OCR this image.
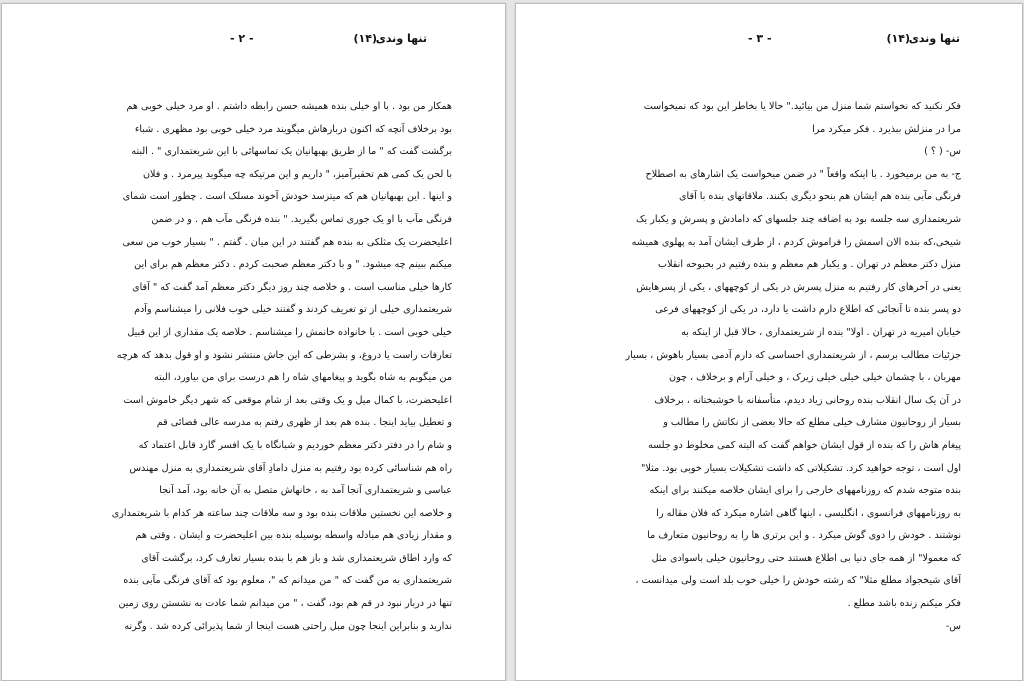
تنها وندی
(۱۴)
- ۲ -
همکار من بود . با او خیلی بنده همیشه حسن رابطه داشتم . او مرد خیلی خوبی هم
بود برخلاف آنچه که اکنون دربارهاش میگویند مرد خیلی خوبی بود مظهری . شباء
برگشت گفت که " ما از طریق بهبهانیان یک تماسهائی با این شریعتمداری " . البته
با لحن یک کمی هم تحقیرآمیز، " داریم و این مرتیکه چه میگوید پیرمرد . و فلان
و اینها . این بهبهانیان هم که میترسد خودش آخوند مسلک است . چطور است شمای
فرنگی مآب با او یک جوری تماس بگیرید. " بنده فرنگی مآب هم . و در ضمن
اعلیحضرت یک مثلکی به بنده هم گفتند در این میان . گفتم . " بسیار خوب من سعی
میکنم ببینم چه میشود. " و با دکتر معظم صحبت کردم . دکتر معظم هم برای این
کارها خیلی مناسب است . و خلاصه چند روز دیگر دکتر معظم آمد گفت که " آقای
شریعتمداری خیلی از تو تعریف کردند و گفتند خیلی خوب فلانی را میشناسم وآدم
خیلی خوبی است . با خانواده خانمش را میشناسم . خلاصه یک مقداری از این قبیل
تعارفات راست یا دروغ، و بشرطی که این جاش منتشر نشود و او قول بدهد که هرچه
من میگویم به شاه بگوید و پیغامهای شاه را هم درست برای من بیاورد، البته
اعلیحضرت، با کمال میل و یک وقتی بعد از شام موقعی که شهر دیگر خاموش است
و تعطیل بیاید اینجا . بنده هم بعد از ظهری رفتم به مدرسه عالی قضائی قم
و شام را در دفتر دکتر معظم خوردیم و شبانگاه با یک افسر گارد قابل اعتماد که
راه هم شناسائی کرده بود رفتیم به منزل دامادِ آقای شریعتمداری به منزل مهندس
عباسی و شریعتمداری آنجا آمد به ، خانهاش متصل به آن خانه بود، آمد آنجا
و خلاصه این نخستین ملاقات بنده بود و سه ملاقات چند ساعته هر کدام با شریعتمداری
و مقدار زیادی هم مبادله واسطه بوسیله بنده بین اعلیحضرت و ایشان . وقتی هم
که وارد اطاق شریعتمداری شد و باز هم با بنده بسیار تعارف کرد، برگشت آقای
شریعتمداری به من گفت که " من میدانم که "، معلوم بود که آقای فرنگی مآبی بنده
تنها در دربار نبود در قم هم بود، گفت ، " من میدانم شما عادت به نشستن روی زمین
ندارید و بنابراین اینجا چون مبل راحتی هست اینجا از شما پذیرائی کرده شد . وگرنه
تنها وندی
(۱۴)
- ۳ -
فکر نکنید که نخواستم شما منزل من بیائید." حالا یا بخاطر این بود که نمیخواست
مرا در منزلش ببذیرد . فکر میکرد مرا
س- ( ؟ )
ج- به من برمیخورد . با اینکه واقعاً " در ضمن میخواست یک اشارهای به اصطلاح
فرنگی مآبی بنده هم ایشان هم بنحو دیگری بکنند. ملاقاتهای بنده با آقای
شریعتمداری سه جلسه بود به اضافه چند جلسهای که دامادش و پسرش و یکبار یک
شیخی،که بنده الان اسمش را فراموش کردم ، از طرف ایشان آمد به پهلوی همیشه
منزل دکتر معظم در تهران . و یکبار هم معظم و بنده رفتیم در بحبوحه انقلاب
یعنی در آخرهای کار رفتیم به منزل پسرش در یکی از کوچههای ، یکی از پسرهایش
دو پسر بنده تا آنجائی که اطلاع دارم داشت یا دارد، در یکی از کوچههای فرعی
خیابان امیریه در تهران . اولا" بنده از شریعتمداری ، حالا قبل از اینکه به
جزئیات مطالب برسم ، از شریعتمداری احساسی که دارم آدمی بسیار باهوش ، بسیار
مهربان ، با چشمان خیلی خیلی خیلی زیرک ، و خیلی آرام و برخلاف ، چون
در آن یک سال انقلاب بنده روحانی زیاد دیدم، متأسفانه با خوشبختانه ، برخلاف
بسیار از روحانیون مشارف خیلی مطلع که حالا بعضی از نکاتش را مطالب و
پیغام هاش را که بنده از قول ایشان خواهم گفت که البته کمی مخلوط دو جلسه
اول است ، توجه خواهید کرد. تشکیلاتی که داشت تشکیلات بسیار خوبی بود. مثلا"
بنده متوجه شدم که روزنامههای خارجی را برای ایشان خلاصه میکنند برای اینکه
به روزنامههای فرانسوی ، انگلیسی ، اینها گاهی اشاره میکرد که فلان مقاله را
نوشتند . خودش را دوی گوش میکرد . و این برتری ها را به روحانیون متعارف ما
که معمولا" از همه جای دنیا بی اطلاع هستند حتی روحانیون خیلی باسوادی مثل
آقای شیخجواد مطلع مثلا" که رشته خودش را خیلی خوب بلد است ولی میدانست ،
فکر میکنم زنده باشد مطلع .
س-
